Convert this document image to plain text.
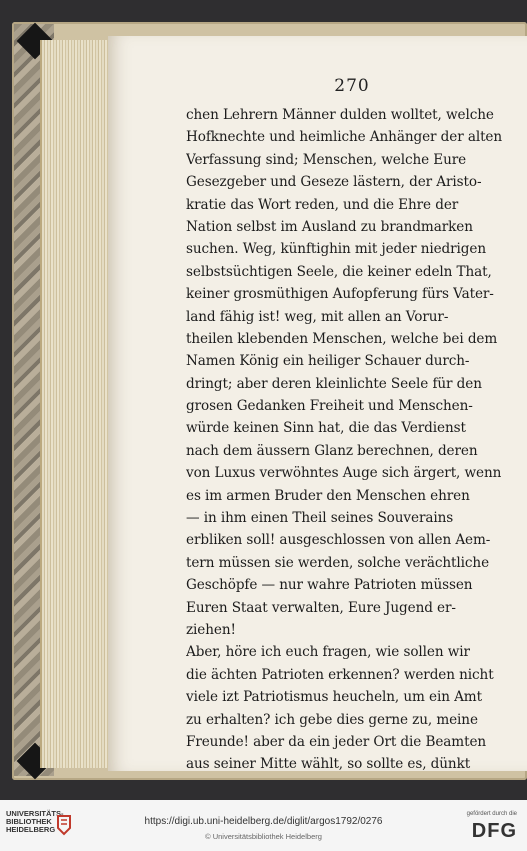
270
chen Lehrern Männer dulden wolltet, welche
Hofknechte und heimliche Anhänger der alten
Verfassung sind; Menschen, welche Eure
Gesezgeber und Geseze lästern, der Aristo-
kratie das Wort reden, und die Ehre der
Nation selbst im Ausland zu brandmarken
suchen. Weg, künftighin mit jeder niedrigen
selbstsüchtigen Seele, die keiner edeln That,
keiner grosmüthigen Aufopferung fürs Vater-
land fähig ist! weg, mit allen an Vorur-
theilen klebenden Menschen, welche bei dem
Namen König ein heiliger Schauer durch-
dringt; aber deren kleinlichte Seele für den
grosen Gedanken Freiheit und Menschen-
würde keinen Sinn hat, die das Verdienst
nach dem äussern Glanz berechnen, deren
von Luxus verwöhntes Auge sich ärgert, wenn
es im armen Bruder den Menschen ehren
— in ihm einen Theil seines Souverains
erbliken soll! ausgeschlossen von allen Aem-
tern müssen sie werden, solche verächtliche
Geschöpfe — nur wahre Patrioten müssen
Euren Staat verwalten, Eure Jugend er-
ziehen!
Aber, höre ich euch fragen, wie sollen wir
die ächten Patrioten erkennen? werden nicht
viele izt Patriotismus heucheln, um ein Amt
zu erhalten? ich gebe dies gerne zu, meine
Freunde! aber da ein jeder Ort die Beamten
aus seiner Mitte wählt, so sollte es, dünkt
UNIVERSITÄTS-
BIBLIOTHEK
HEIDELBERG
https://digi.ub.uni-heidelberg.de/diglit/argos1792/0276
© Universitätsbibliothek Heidelberg
gefördert durch die
DFG
